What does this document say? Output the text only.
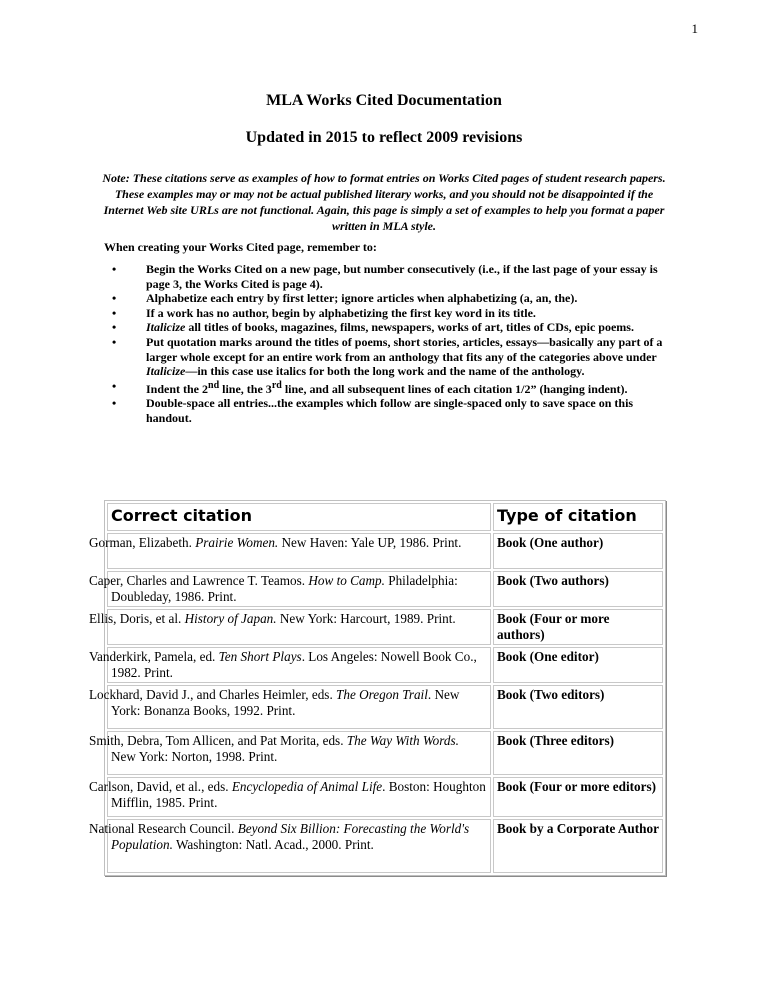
1
MLA Works Cited Documentation
Updated in 2015 to reflect 2009 revisions
Note: These citations serve as examples of how to format entries on Works Cited pages of student research papers. These examples may or may not be actual published literary works, and you should not be disappointed if the Internet Web site URLs are not functional. Again, this page is simply a set of examples to help you format a paper written in MLA style.
When creating your Works Cited page, remember to:
• Begin the Works Cited on a new page, but number consecutively (i.e., if the last page of your essay is page 3, the Works Cited is page 4).
• Alphabetize each entry by first letter; ignore articles when alphabetizing (a, an, the).
• If a work has no author, begin by alphabetizing the first key word in its title.
• Italicize all titles of books, magazines, films, newspapers, works of art, titles of CDs, epic poems.
• Put quotation marks around the titles of poems, short stories, articles, essays—basically any part of a larger whole except for an entire work from an anthology that fits any of the categories above under Italicize—in this case use italics for both the long work and the name of the anthology.
• Indent the 2nd line, the 3rd line, and all subsequent lines of each citation 1/2” (hanging indent).
• Double-space all entries...the examples which follow are single-spaced only to save space on this handout.
Correct citation	Type of citation
Gorman, Elizabeth. Prairie Women. New Haven: Yale UP, 1986. Print.	Book (One author)
Caper, Charles and Lawrence T. Teamos. How to Camp. Philadelphia: Doubleday, 1986. Print.	Book (Two authors)
Ellis, Doris, et al. History of Japan. New York: Harcourt, 1989. Print.	Book (Four or more authors)
Vanderkirk, Pamela, ed. Ten Short Plays. Los Angeles: Nowell Book Co., 1982. Print.	Book (One editor)
Lockhard, David J., and Charles Heimler, eds. The Oregon Trail. New York: Bonanza Books, 1992. Print.	Book (Two editors)
Smith, Debra, Tom Allicen, and Pat Morita, eds. The Way With Words. New York: Norton, 1998. Print.	Book (Three editors)
Carlson, David, et al., eds. Encyclopedia of Animal Life. Boston: Houghton Mifflin, 1985. Print.	Book (Four or more editors)
National Research Council. Beyond Six Billion: Forecasting the World's Population. Washington: Natl. Acad., 2000. Print.	Book by a Corporate Author
